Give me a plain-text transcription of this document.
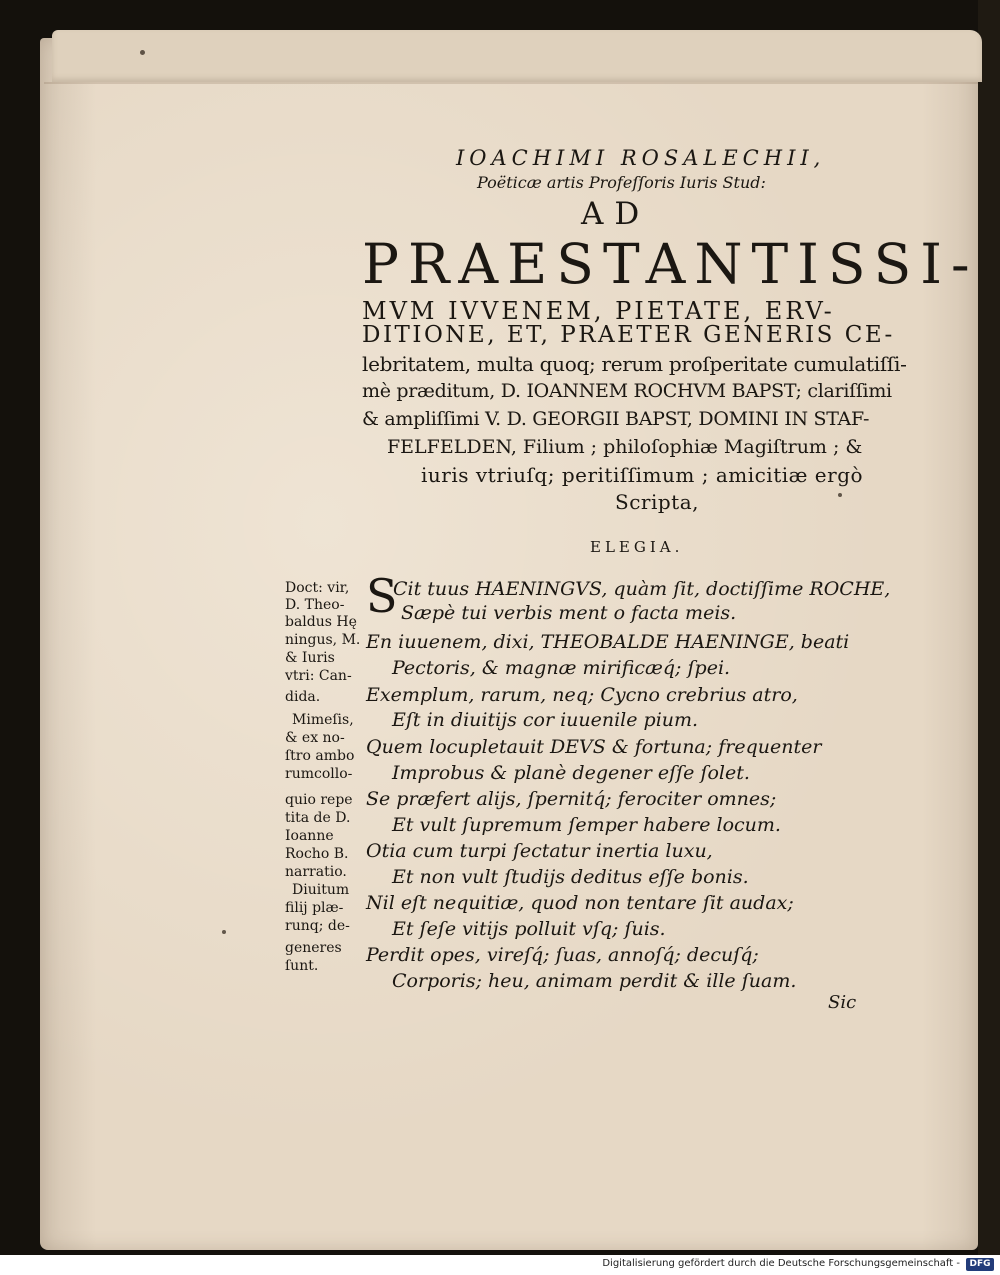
IOACHIMI ROSALECHII,
Poëticæ artis Profeſſoris Iuris Stud:
AD
PRAESTANTISSI-
MVM IVVENEM, PIETATE, ERV-
DITIONE, ET, PRAETER GENERIS CE-
lebritatem, multa quoq; rerum proſperitate cumulatiſſi-
mè præditum, D. IOANNEM ROCHVM BAPST; clariſſimi
& ampliſſimi V. D. GEORGII BAPST, DOMINI IN STAF-
FELFELDEN, Filium ; philoſophiæ Magiſtrum ; &
iuris vtriuſq; peritiſſimum ; amicitiæ ergò
Scripta,
ELEGIA.
Doct: vir,
D. Theo-
baldus Hę
ningus, M.
& Iuris
vtri: Can-
dida.
Mimeſis,
& ex no-
ſtro ambo
rumcollo-
quio repe
tita de D.
Ioanne
Rocho B.
narratio.
Diuitum
filij plæ-
runq; de-
generes
ſunt.
S
Cit tuus HAENINGVS, quàm ſit, doctiſſime ROCHE,
Sæpè tui verbis ment o facta meis.
En iuuenem, dixi, THEOBALDE HAENINGE, beati
Pectoris, & magnæ mirificæq́; ſpei.
Exemplum, rarum, neq; Cycno crebrius atro,
Eſt in diuitijs cor iuuenile pium.
Quem locupletauit DEVS & fortuna; frequenter
Improbus & planè degener eſſe ſolet.
Se præfert alijs, ſpernitq́; ferociter omnes;
Et vult ſupremum ſemper habere locum.
Otia cum turpi ſectatur inertia luxu,
Et non vult ſtudijs deditus eſſe bonis.
Nil eſt nequitiæ, quod non tentare ſit audax;
Et ſeſe vitijs polluit vſq; ſuis.
Perdit opes, vireſq́; ſuas, annoſq́; decuſq́;
Corporis; heu, animam perdit & ille ſuam.
Sic
Digitalisierung gefördert durch die Deutsche Forschungsgemeinschaft -	DFG
